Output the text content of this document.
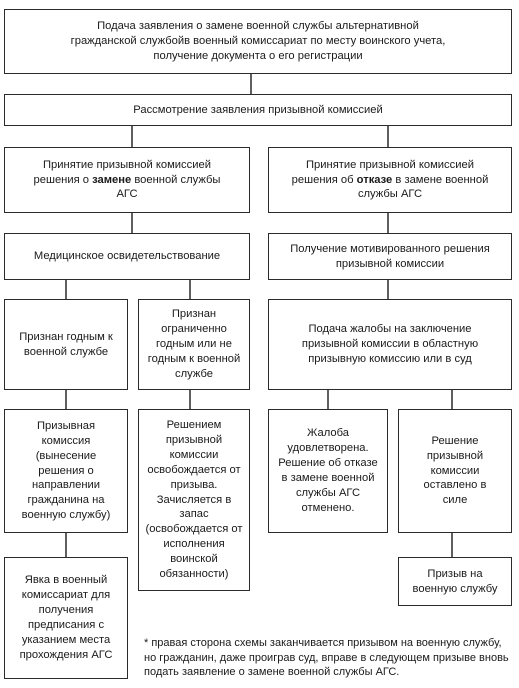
Подача заявления о замене военной службы альтернативной гражданской службойв военный комиссариат по месту воинского учета, получение документа о его регистрации
Рассмотрение заявления призывной комиссией
Принятие призывной комиссией решения о замене военной службы АГС
Принятие призывной комиссией решения об отказе в замене военной службы АГС
Медицинское освидетельствование
Получение мотивированного решения призывной комиссии
Признан годным к военной службе
Признан ограниченно годным или не годным к военной службе
Подача жалобы на заключение призывной комиссии в областную призывную комиссию или в суд
Призывная комиссия (вынесение решения о направлении гражданина на военную службу)
Решением призывной комиссии освобождается от призыва. Зачисляется в запас (освобождается от исполнения воинской обязанности)
Жалоба удовлетворена. Решение об отказе в замене военной службы АГС отменено.
Решение призывной комиссии оставлено в силе
Явка в военный комиссариат для получения предписания с указанием места прохождения АГС
Призыв на военную службу
* правая сторона схемы заканчивается призывом на военную службу, но гражданин, даже проиграв суд, вправе в следующем призыве вновь подать заявление о замене военной службы АГС.
